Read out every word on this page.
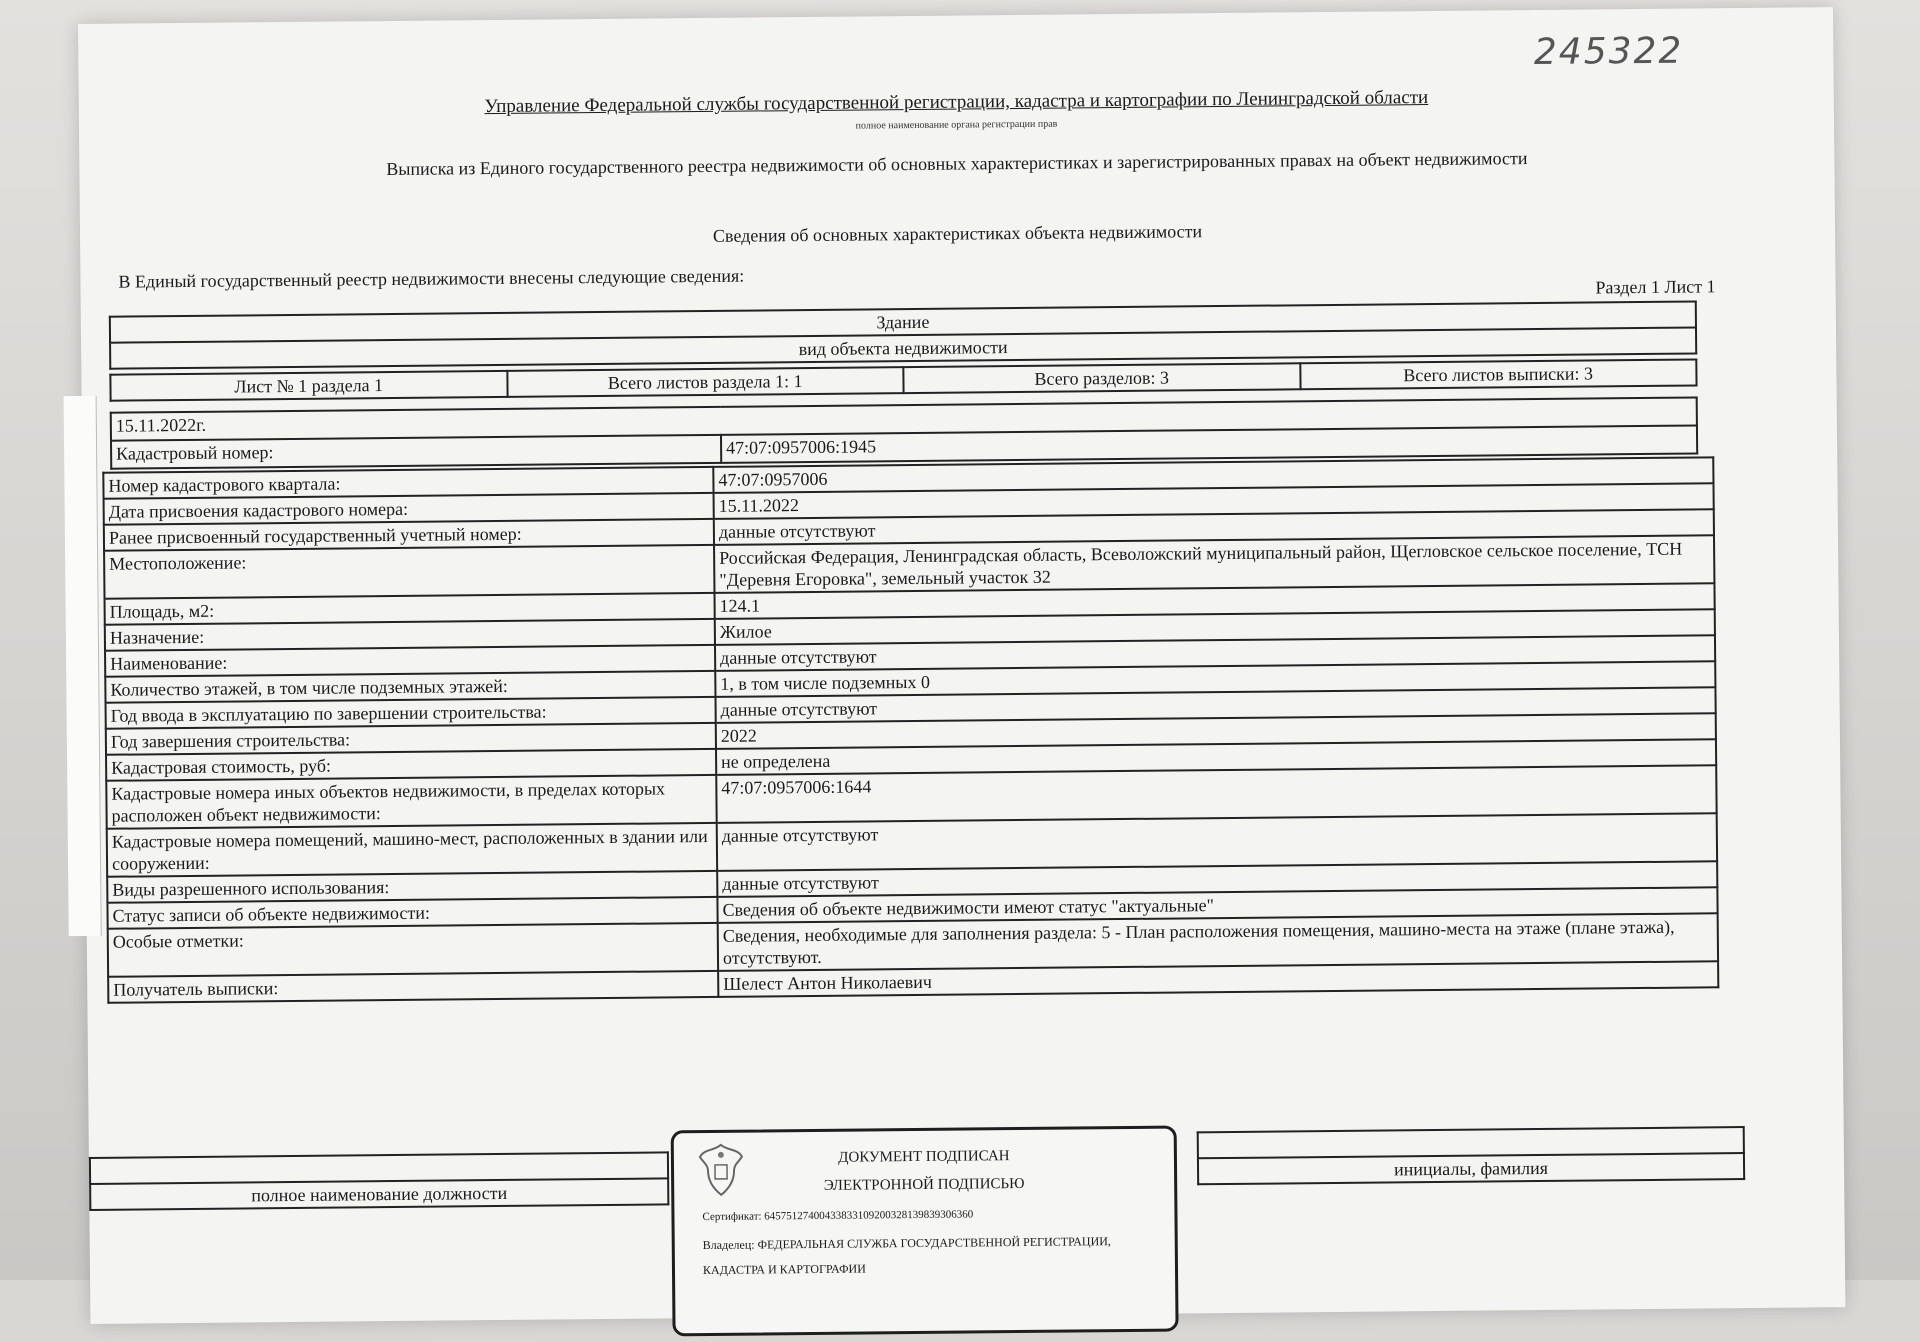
245322
Управление Федеральной службы государственной регистрации, кадастра и картографии по Ленинградской области
полное наименование органа регистрации прав
Выписка из Единого государственного реестра недвижимости об основных характеристиках и зарегистрированных правах на объект недвижимости
Сведения об основных характеристиках объекта недвижимости
В Единый государственный реестр недвижимости внесены следующие сведения:	Раздел 1 Лист 1
Здание
вид объекта недвижимости
Лист № 1 раздела 1	Всего листов раздела 1: 1	Всего разделов: 3	Всего листов выписки: 3
15.11.2022г.
Кадастровый номер:	47:07:0957006:1945
Номер кадастрового квартала:	47:07:0957006
Дата присвоения кадастрового номера:	15.11.2022
Ранее присвоенный государственный учетный номер:	данные отсутствуют
Местоположение:	Российская Федерация, Ленинградская область, Всеволожский муниципальный район, Щегловское сельское поселение, ТСН "Деревня Егоровка", земельный участок 32
Площадь, м2:	124.1
Назначение:	Жилое
Наименование:	данные отсутствуют
Количество этажей, в том числе подземных этажей:	1, в том числе подземных 0
Год ввода в эксплуатацию по завершении строительства:	данные отсутствуют
Год завершения строительства:	2022
Кадастровая стоимость, руб:	не определена
Кадастровые номера иных объектов недвижимости, в пределах которых расположен объект недвижимости:	47:07:0957006:1644
Кадастровые номера помещений, машино-мест, расположенных в здании или сооружении:	данные отсутствуют
Виды разрешенного использования:	данные отсутствуют
Статус записи об объекте недвижимости:	Сведения об объекте недвижимости имеют статус "актуальные"
Особые отметки:	Сведения, необходимые для заполнения раздела: 5 - План расположения помещения, машино-места на этаже (плане этажа), отсутствуют.
Получатель выписки:	Шелест Антон Николаевич

полное наименование должности
ДОКУМЕНТ ПОДПИСАН
ЭЛЕКТРОННОЙ ПОДПИСЬЮ
Сертификат: 645751274004338331092003281398393063​60
Владелец: ФЕДЕРАЛЬНАЯ СЛУЖБА ГОСУДАРСТВЕННОЙ РЕГИСТРАЦИИ, КАДАСТРА И КАРТОГРАФИИ

инициалы, фамилия
